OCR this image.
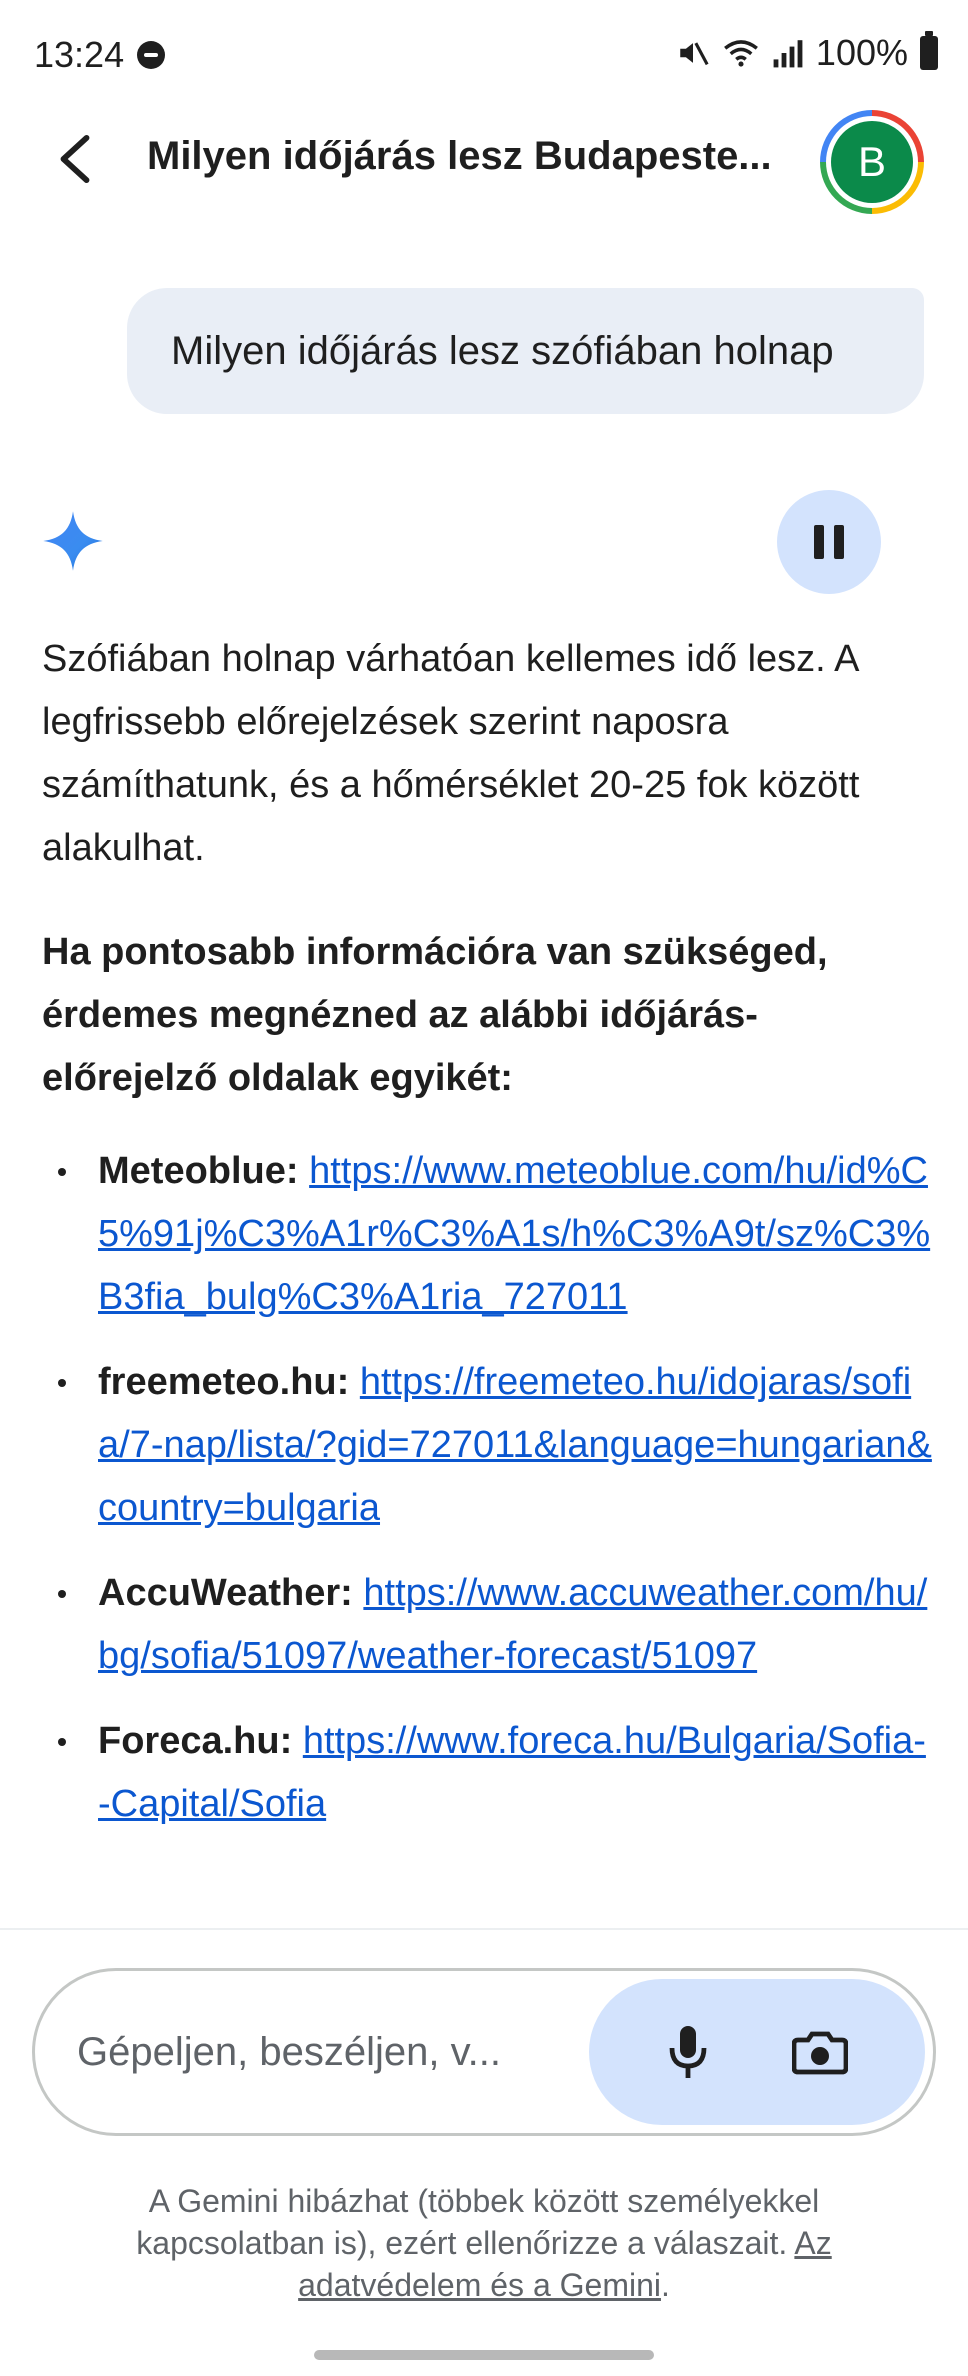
13:24	100%
Milyen időjárás lesz Budapeste...	B
Milyen időjárás lesz szófiában holnap

Szófiában holnap várhatóan kellemes idő lesz. A legfrissebb előrejelzések szerint naposra számíthatunk, és a hőmérséklet 20-25 fok között alakulhat.

Ha pontosabb információra van szükséged, érdemes megnézned az alábbi időjárás-előrejelző oldalak egyikét:

Meteoblue: https://www.meteoblue.com/hu/id%C5%91j%C3%A1r%C3%A1s/h%C3%A9t/sz%C3%B3fia_bulg%C3%A1ria_727011
freemeteo.hu: https://freemeteo.hu/idojaras/sofia/7-nap/lista/?gid=727011&language=hungarian&country=bulgaria
AccuWeather: https://www.accuweather.com/hu/bg/sofia/51097/weather-forecast/51097
Foreca.hu: https://www.foreca.hu/Bulgaria/Sofia--Capital/Sofia
Gépeljen, beszéljen, v...
A Gemini hibázhat (többek között személyekkel kapcsolatban is), ezért ellenőrizze a válaszait. Az adatvédelem és a Gemini.
